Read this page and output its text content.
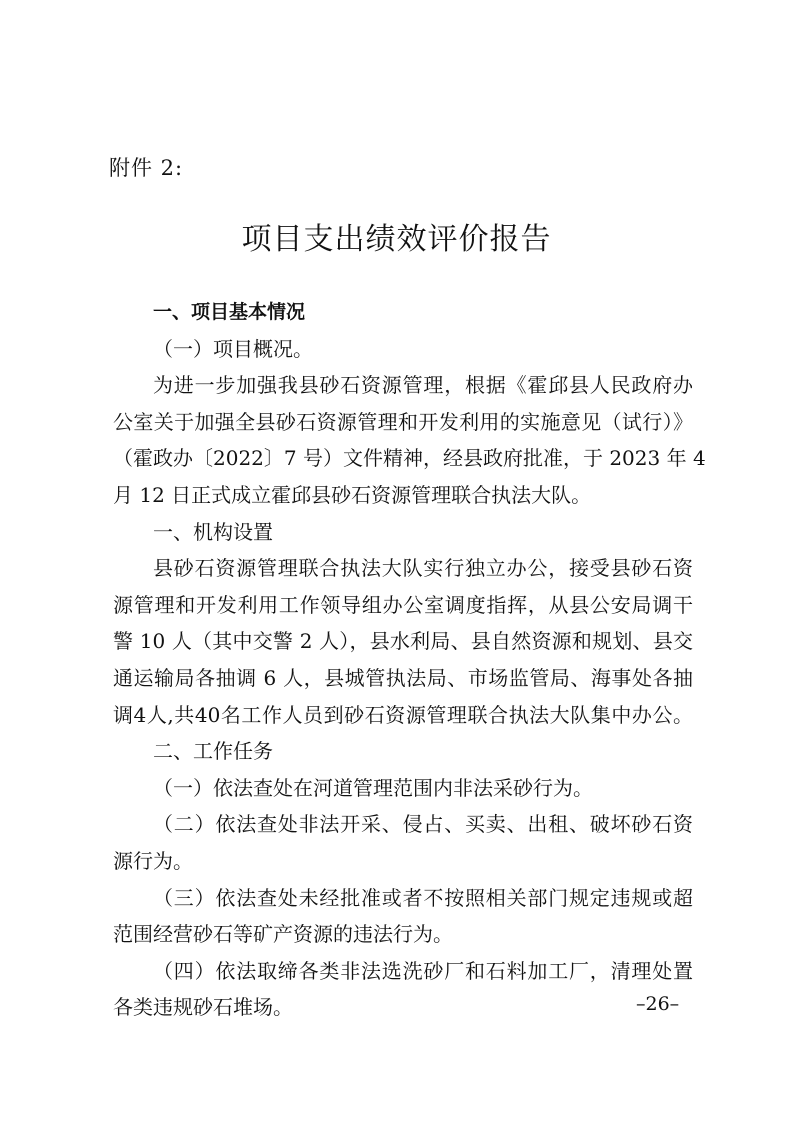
附件 2:
项目支出绩效评价报告
一、项目基本情况
（一）项目概况。
为进一步加强我县砂石资源管理，根据《霍邱县人民政府办
公室关于加强全县砂石资源管理和开发利用的实施意见（试行）》
（霍政办〔2022〕7 号）文件精神，经县政府批准，于 2023 年 4
月 12 日正式成立霍邱县砂石资源管理联合执法大队。
一、机构设置
县砂石资源管理联合执法大队实行独立办公，接受县砂石资
源管理和开发利用工作领导组办公室调度指挥，从县公安局调干
警 10 人（其中交警 2 人），县水利局、县自然资源和规划、县交
通运输局各抽调 6 人，县城管执法局、市场监管局、海事处各抽
调4人,共40名工作人员到砂石资源管理联合执法大队集中办公。
二、工作任务
（一）依法查处在河道管理范围内非法采砂行为。
（二）依法查处非法开采、侵占、买卖、出租、破坏砂石资
源行为。
（三）依法查处未经批准或者不按照相关部门规定违规或超
范围经营砂石等矿产资源的违法行为。
（四）依法取缔各类非法选洗砂厂和石料加工厂，清理处置
各类违规砂石堆场。	–26–
